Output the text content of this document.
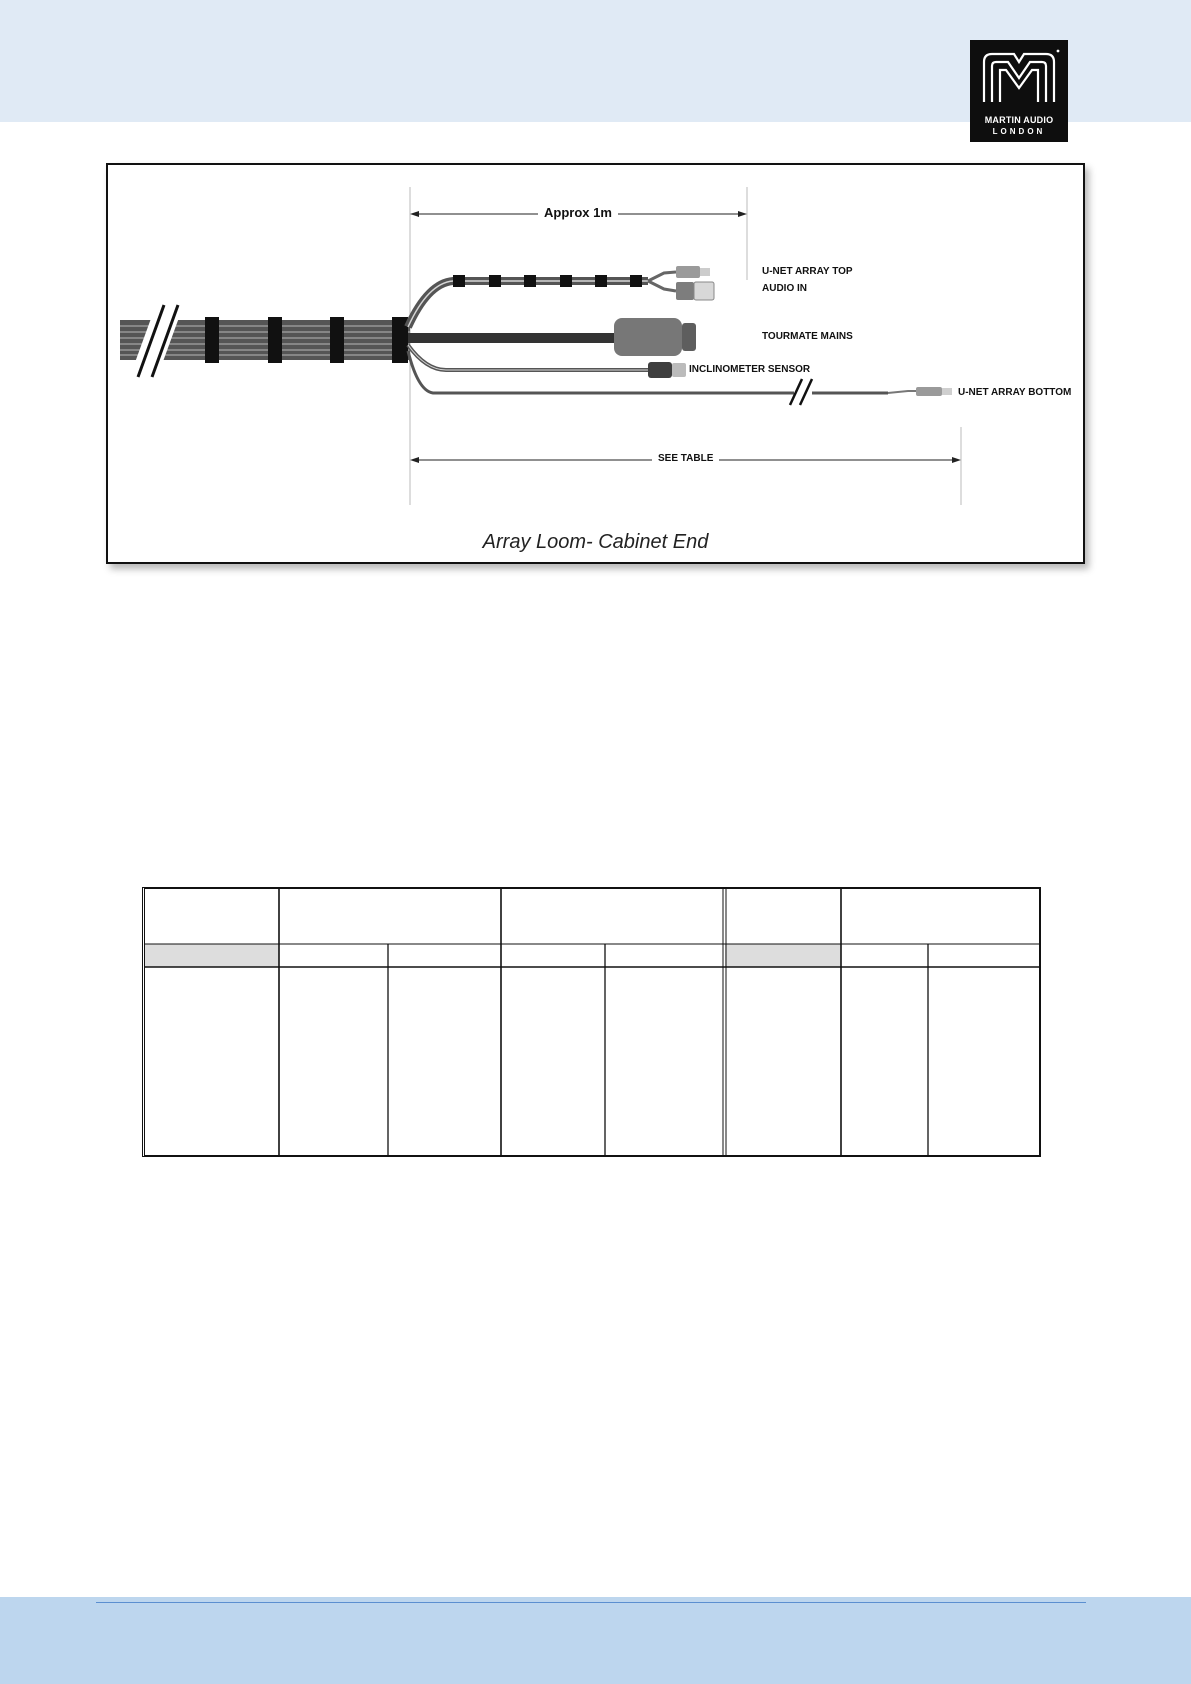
MARTIN AUDIO
LONDON
Approx 1m
SEE TABLE
U-NET ARRAY TOP
AUDIO IN
TOURMATE MAINS
INCLINOMETER SENSOR
U-NET ARRAY BOTTOM
Array Loom- Cabinet End
